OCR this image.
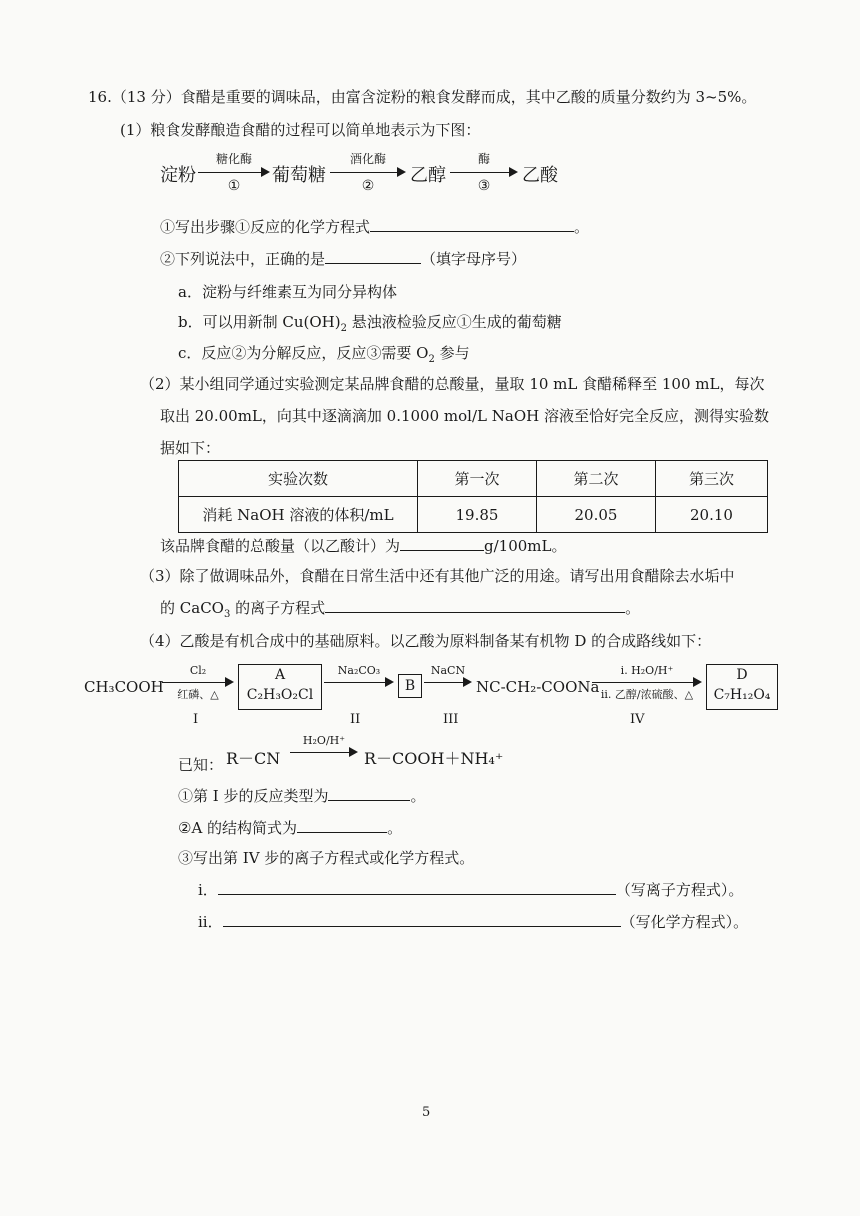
16.（13 分）食醋是重要的调味品，由富含淀粉的粮食发酵而成，其中乙酸的质量分数约为 3~5%。
(1）粮食发酵酿造食醋的过程可以简单地表示为下图：
淀粉
糖化酶
①	葡萄糖
酒化酶
②	乙醇
酶
③	乙酸
①写出步骤①反应的化学方程式	。
②下列说法中，正确的是	（填字母序号）
a．淀粉与纤维素互为同分异构体
b．可以用新制 $Cu(OH)_2$ 悬浊液检验反应①生成的葡萄糖
c．反应②为分解反应，反应③需要 $O_2$ 参与
（2）某小组同学通过实验测定某品牌食醋的总酸量，量取 10 mL 食醋稀释至 100 mL，每次
取出 20.00mL，向其中逐滴滴加 0.1000 mol/L NaOH 溶液至恰好完全反应，测得实验数
据如下：
实验次数	第一次	第二次	第三次
消耗 NaOH 溶液的体积/mL	19.85	20.05	20.10
该品牌食醋的总酸量（以乙酸计）为	g/100mL。
（3）除了做调味品外，食醋在日常生活中还有其他广泛的用途。请写出用食醋除去水垢中
的 CaCO$_3$ 的离子方程式	。
（4）乙酸是有机合成中的基础原料。以乙酸为原料制备某有机物 D 的合成路线如下：
CH₃COOH
Cl₂
红磷、△
A
C₂H₃O₂Cl
Na₂CO₃
B
NaCN
NC-CH₂-COONa
i. H₂O/H⁺
ii. 乙醇/浓硫酸、△
D
C₇H₁₂O₄
I	II	III	IV
已知： R－CN
H₂O/H⁺
R－COOH＋NH₄⁺
①第 I 步的反应类型为	。
②A 的结构简式为	。
③写出第 IV 步的离子方程式或化学方程式。
i．	（写离子方程式）。
ii．	（写化学方程式）。
5
